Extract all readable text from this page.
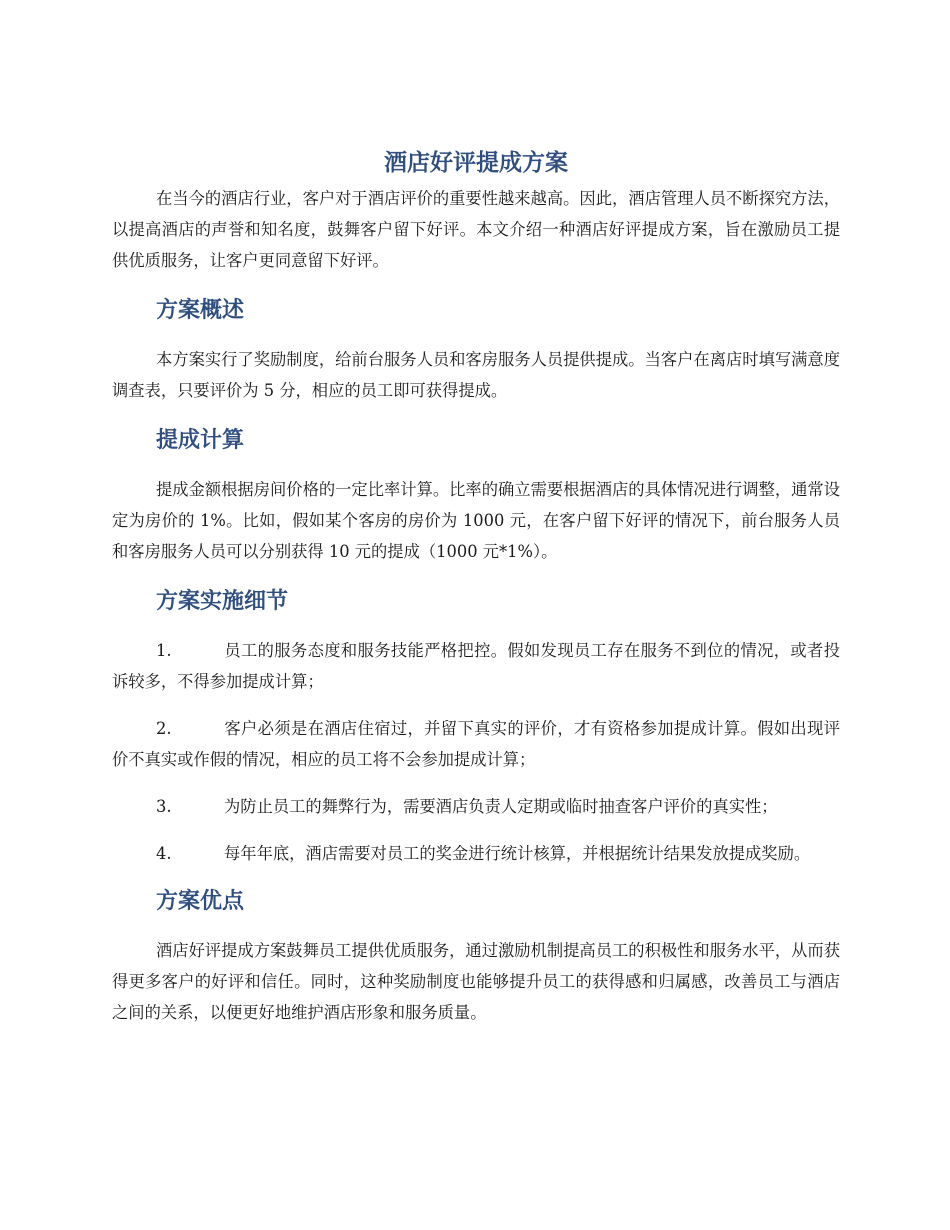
酒店好评提成方案

在当今的酒店行业，客户对于酒店评价的重要性越来越高。因此，酒店管理人员不断探究方法，以提高酒店的声誉和知名度，鼓舞客户留下好评。本文介绍一种酒店好评提成方案，旨在激励员工提供优质服务，让客户更同意留下好评。

方案概述

本方案实行了奖励制度，给前台服务人员和客房服务人员提供提成。当客户在离店时填写满意度调查表，只要评价为 5 分，相应的员工即可获得提成。

提成计算

提成金额根据房间价格的一定比率计算。比率的确立需要根据酒店的具体情况进行调整，通常设定为房价的 1%。比如，假如某个客房的房价为 1000 元，在客户留下好评的情况下，前台服务人员和客房服务人员可以分别获得 10 元的提成（1000 元*1%）。

方案实施细节

1.	员工的服务态度和服务技能严格把控。假如发现员工存在服务不到位的情况，或者投诉较多，不得参加提成计算；

2.	客户必须是在酒店住宿过，并留下真实的评价，才有资格参加提成计算。假如出现评价不真实或作假的情况，相应的员工将不会参加提成计算；

3.	为防止员工的舞弊行为，需要酒店负责人定期或临时抽查客户评价的真实性；

4.	每年年底，酒店需要对员工的奖金进行统计核算，并根据统计结果发放提成奖励。

方案优点

酒店好评提成方案鼓舞员工提供优质服务，通过激励机制提高员工的积极性和服务水平，从而获得更多客户的好评和信任。同时，这种奖励制度也能够提升员工的获得感和归属感，改善员工与酒店之间的关系，以便更好地维护酒店形象和服务质量。
